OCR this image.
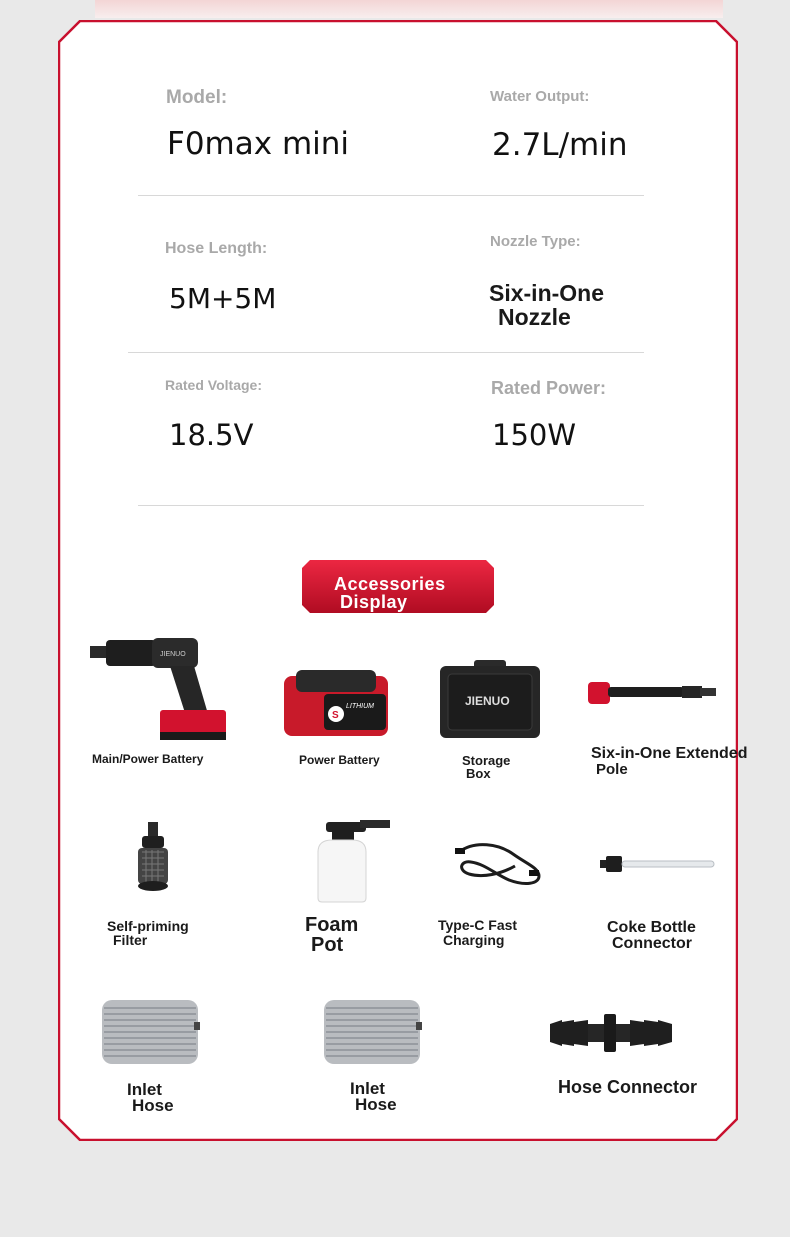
Model:
F0max mini
Water Output:
2.7L/min
Hose Length:
5M+5M
Nozzle Type:
Six-in-One
Nozzle
Rated Voltage:
18.5V
Rated Power:
150W
Accessories
Display
JIENUO
LITHIUM
S
JIENUO
Main/Power Battery	Power Battery	Storage
Box
Six-in-One Extended
Pole
Self-priming
Filter
Foam
Pot
Type-C Fast
Charging
Coke Bottle
Connector
Inlet
Hose
Inlet
Hose
Hose Connector
